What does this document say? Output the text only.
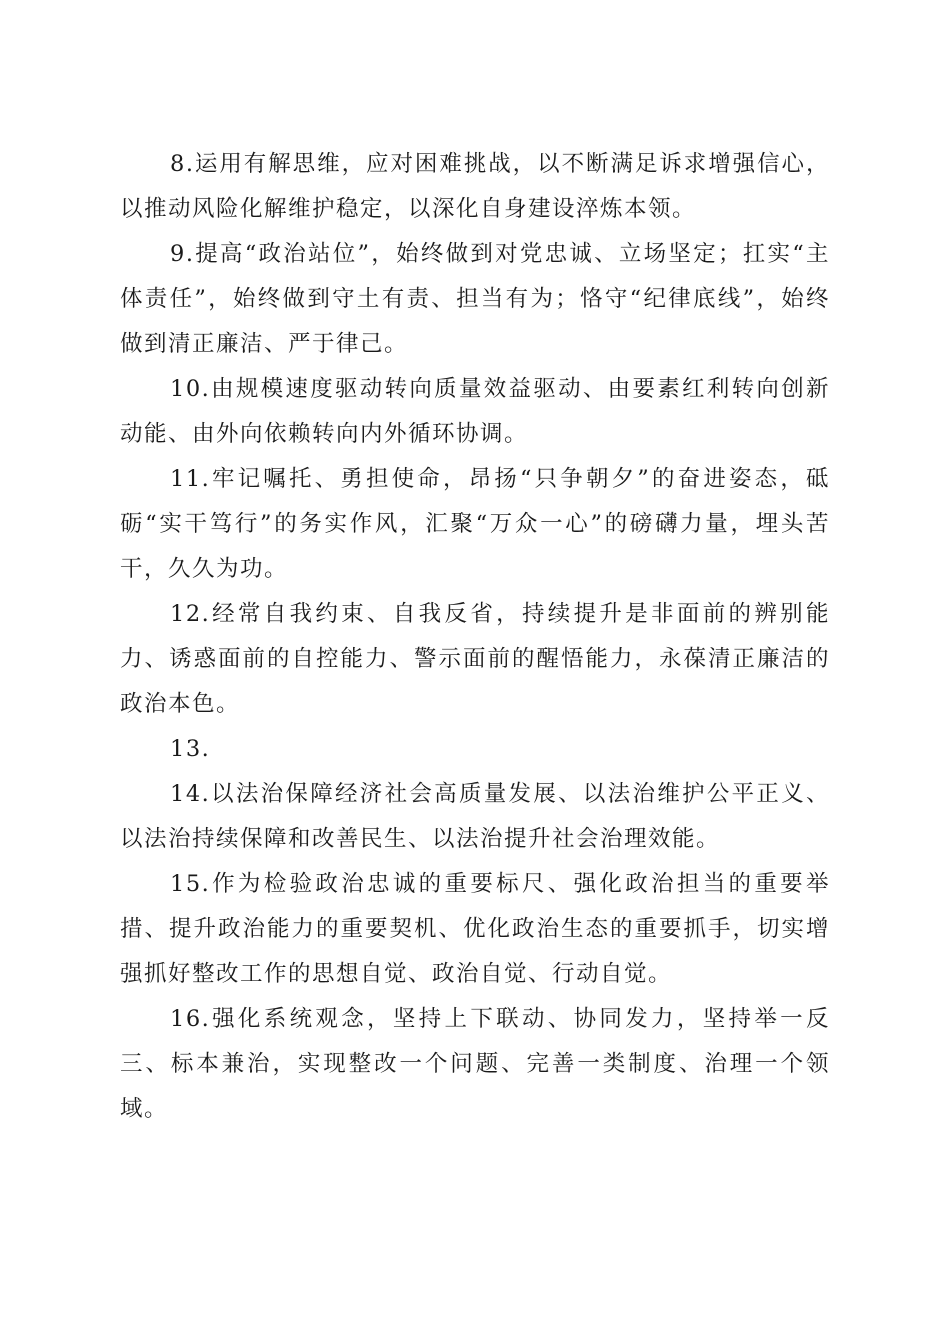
8.运用有解思维，应对困难挑战，以不断满足诉求增强信心，以推动风险化解维护稳定，以深化自身建设淬炼本领。

9.提高“政治站位”，始终做到对党忠诚、立场坚定；扛实“主体责任”，始终做到守土有责、担当有为；恪守“纪律底线”，始终做到清正廉洁、严于律己。

10.由规模速度驱动转向质量效益驱动、由要素红利转向创新动能、由外向依赖转向内外循环协调。

11.牢记嘱托、勇担使命，昂扬“只争朝夕”的奋进姿态，砥砺“实干笃行”的务实作风，汇聚“万众一心”的磅礴力量，埋头苦干，久久为功。

12.经常自我约束、自我反省，持续提升是非面前的辨别能力、诱惑面前的自控能力、警示面前的醒悟能力，永葆清正廉洁的政治本色。

13.

14.以法治保障经济社会高质量发展、以法治维护公平正义、以法治持续保障和改善民生、以法治提升社会治理效能。

15.作为检验政治忠诚的重要标尺、强化政治担当的重要举措、提升政治能力的重要契机、优化政治生态的重要抓手，切实增强抓好整改工作的思想自觉、政治自觉、行动自觉。

16.强化系统观念，坚持上下联动、协同发力，坚持举一反三、标本兼治，实现整改一个问题、完善一类制度、治理一个领域。
